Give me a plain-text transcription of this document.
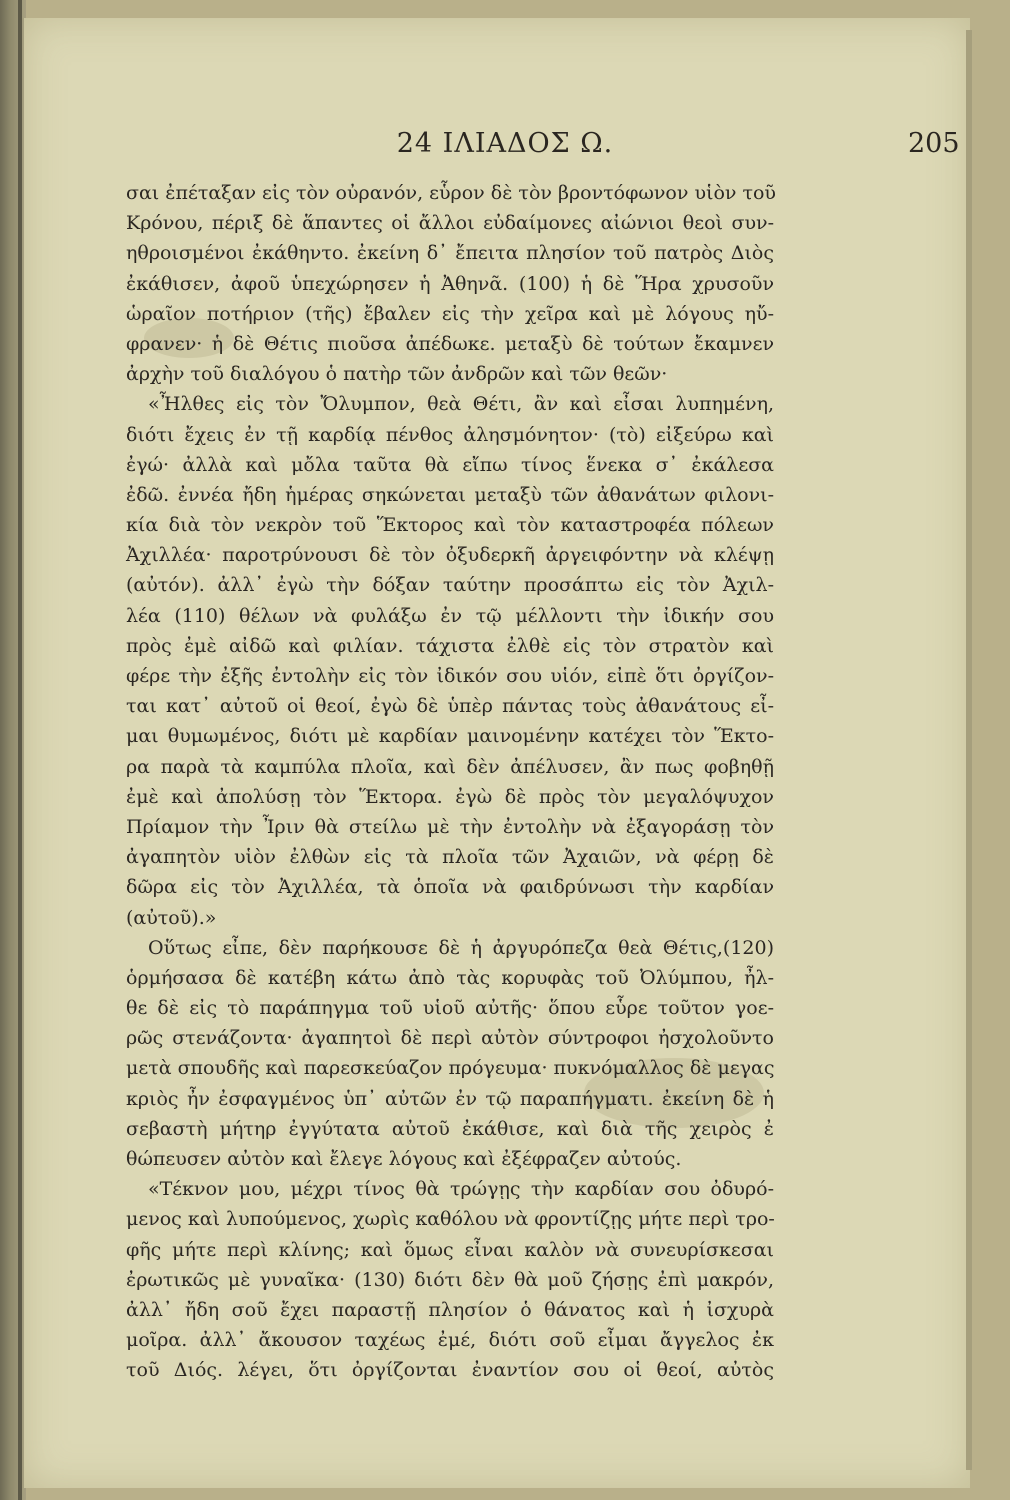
24 ΙΛΙΑΔΟΣ Ω.	205
σαι ἐπέταξαν εἰς τὸν οὐρανόν, εὗρον δὲ τὸν βροντόφωνον υἱὸν τοῦ
Κρόνου, πέριξ δὲ ἅπαντες οἱ ἄλλοι εὐδαίμονες αἰώνιοι θεοὶ συν-
ηθροισμένοι ἐκάθηντο. ἐκείνη δ᾽ ἔπειτα πλησίον τοῦ πατρὸς Διὸς
ἐκάθισεν, ἀφοῦ ὑπεχώρησεν ἡ Ἀθηνᾶ. (100) ἡ δὲ Ἥρα χρυσοῦν
ὡραῖον ποτήριον (τῆς) ἔβαλεν εἰς τὴν χεῖρα καὶ μὲ λόγους ηὔ-
φρανεν· ἡ δὲ Θέτις πιοῦσα ἀπέδωκε. μεταξὺ δὲ τούτων ἔκαμνεν
ἀρχὴν τοῦ διαλόγου ὁ πατὴρ τῶν ἀνδρῶν καὶ τῶν θεῶν·
«Ἦλθες εἰς τὸν Ὄλυμπον, θεὰ Θέτι, ἂν καὶ εἶσαι λυπημένη,
διότι ἔχεις ἐν τῇ καρδίᾳ πένθος ἀλησμόνητον· (τὸ) εἰξεύρω καὶ
ἐγώ· ἀλλὰ καὶ μὄλα ταῦτα θὰ εἴπω τίνος ἕνεκα σ᾽ ἐκάλεσα
ἐδῶ. ἐννέα ἤδη ἡμέρας σηκώνεται μεταξὺ τῶν ἀθανάτων φιλονι-
κία διὰ τὸν νεκρὸν τοῦ Ἕκτορος καὶ τὸν καταστροφέα πόλεων
Ἀχιλλέα· παροτρύνουσι δὲ τὸν ὀξυδερκῆ ἀργειφόντην νὰ κλέψῃ
(αὐτόν). ἀλλ᾽ ἐγὼ τὴν δόξαν ταύτην προσάπτω εἰς τὸν Ἀχιλ-
λέα (110) θέλων νὰ φυλάξω ἐν τῷ μέλλοντι τὴν ἰδικήν σου
πρὸς ἐμὲ αἰδῶ καὶ φιλίαν. τάχιστα ἐλθὲ εἰς τὸν στρατὸν καὶ
φέρε τὴν ἐξῆς ἐντολὴν εἰς τὸν ἰδικόν σου υἱόν, εἰπὲ ὅτι ὀργίζον-
ται κατ᾽ αὐτοῦ οἱ θεοί, ἐγὼ δὲ ὑπὲρ πάντας τοὺς ἀθανάτους εἶ-
μαι θυμωμένος, διότι μὲ καρδίαν μαινομένην κατέχει τὸν Ἕκτο-
ρα παρὰ τὰ καμπύλα πλοῖα, καὶ δὲν ἀπέλυσεν, ἂν πως φοβηθῇ
ἐμὲ καὶ ἀπολύσῃ τὸν Ἕκτορα. ἐγὼ δὲ πρὸς τὸν μεγαλόψυχον
Πρίαμον τὴν Ἶριν θὰ στείλω μὲ τὴν ἐντολὴν νὰ ἐξαγοράσῃ τὸν
ἀγαπητὸν υἱὸν ἐλθὼν εἰς τὰ πλοῖα τῶν Ἀχαιῶν, νὰ φέρῃ δὲ
δῶρα εἰς τὸν Ἀχιλλέα, τὰ ὁποῖα νὰ φαιδρύνωσι τὴν καρδίαν
(αὐτοῦ).»
Οὕτως εἶπε, δὲν παρήκουσε δὲ ἡ ἀργυρόπεζα θεὰ Θέτις,(120)
ὁρμήσασα δὲ κατέβη κάτω ἀπὸ τὰς κορυφὰς τοῦ Ὀλύμπου, ἦλ-
θε δὲ εἰς τὸ παράπηγμα τοῦ υἱοῦ αὐτῆς· ὅπου εὗρε τοῦτον γοε-
ρῶς στενάζοντα· ἀγαπητοὶ δὲ περὶ αὐτὸν σύντροφοι ἠσχολοῦντο
μετὰ σπουδῆς καὶ παρεσκεύαζον πρόγευμα· πυκνόμαλλος δὲ μεγας
κριὸς ἦν ἐσφαγμένος ὑπ᾽ αὐτῶν ἐν τῷ παραπήγματι. ἐκείνη δὲ ἡ
σεβαστὴ μήτηρ ἐγγύτατα αὐτοῦ ἐκάθισε, καὶ διὰ τῆς χειρὸς ἐ
θώπευσεν αὐτὸν καὶ ἔλεγε λόγους καὶ ἐξέφραζεν αὐτούς.
«Τέκνον μου, μέχρι τίνος θὰ τρώγῃς τὴν καρδίαν σου ὀδυρό-
μενος καὶ λυπούμενος, χωρὶς καθόλου νὰ φροντίζῃς μήτε περὶ τρο-
φῆς μήτε περὶ κλίνης; καὶ ὅμως εἶναι καλὸν νὰ συνευρίσκεσαι
ἐρωτικῶς μὲ γυναῖκα· (130) διότι δὲν θὰ μοῦ ζήσῃς ἐπὶ μακρόν,
ἀλλ᾽ ἤδη σοῦ ἔχει παραστῇ πλησίον ὁ θάνατος καὶ ἡ ἰσχυρὰ
μοῖρα. ἀλλ᾽ ἄκουσον ταχέως ἐμέ, διότι σοῦ εἶμαι ἄγγελος ἐκ
τοῦ Διός. λέγει, ὅτι ὀργίζονται ἐναντίον σου οἱ θεοί, αὐτὸς
